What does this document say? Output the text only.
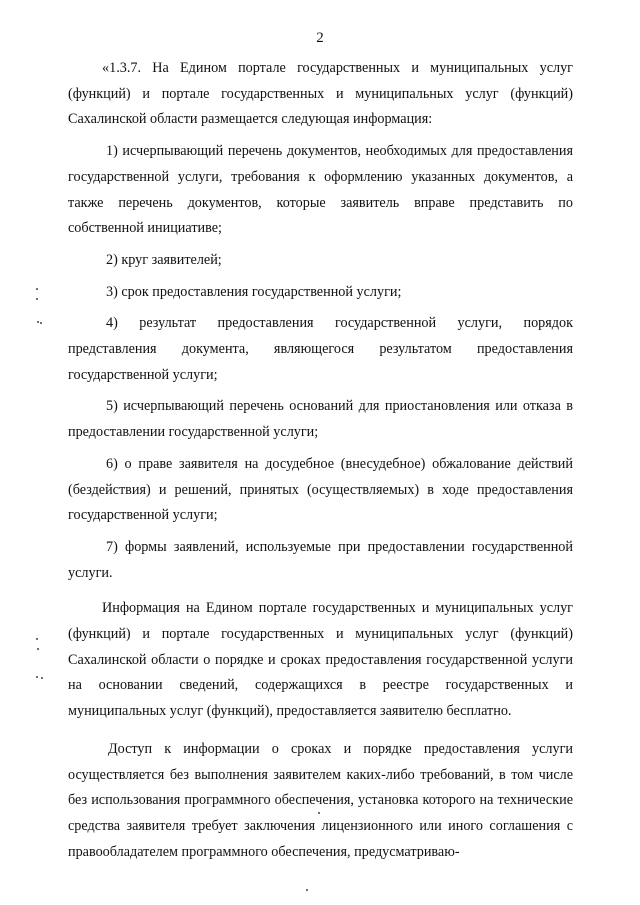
2

«1.3.7. На Едином портале государственных и муниципальных услуг (функций) и портале государственных и муниципальных услуг (функций) Сахалинской области размещается следующая информация:

1) исчерпывающий перечень документов, необходимых для предоставления государственной услуги, требования к оформлению указанных документов, а также перечень документов, которые заявитель вправе представить по собственной инициативе;

2) круг заявителей;

3) срок предоставления государственной услуги;

4) результат предоставления государственной услуги, порядок представления документа, являющегося результатом предоставления государственной услуги;

5) исчерпывающий перечень оснований для приостановления или отказа в предоставлении государственной услуги;

6) о праве заявителя на досудебное (внесудебное) обжалование действий (бездействия) и решений, принятых (осуществляемых) в ходе предоставления государственной услуги;

7) формы заявлений, используемые при предоставлении государственной услуги.

Информация на Едином портале государственных и муниципальных услуг (функций) и портале государственных и муниципальных услуг (функций) Сахалинской области о порядке и сроках предоставления государственной услуги на основании сведений, содержащихся в реестре государственных и муниципальных услуг (функций), предоставляется заявителю бесплатно.

Доступ к информации о сроках и порядке предоставления услуги осуществляется без выполнения заявителем каких-либо требований, в том числе без использования программного обеспечения, установка которого на технические средства заявителя требует заключения лицензионного или иного соглашения с правообладателем программного обеспечения, предусматриваю-
